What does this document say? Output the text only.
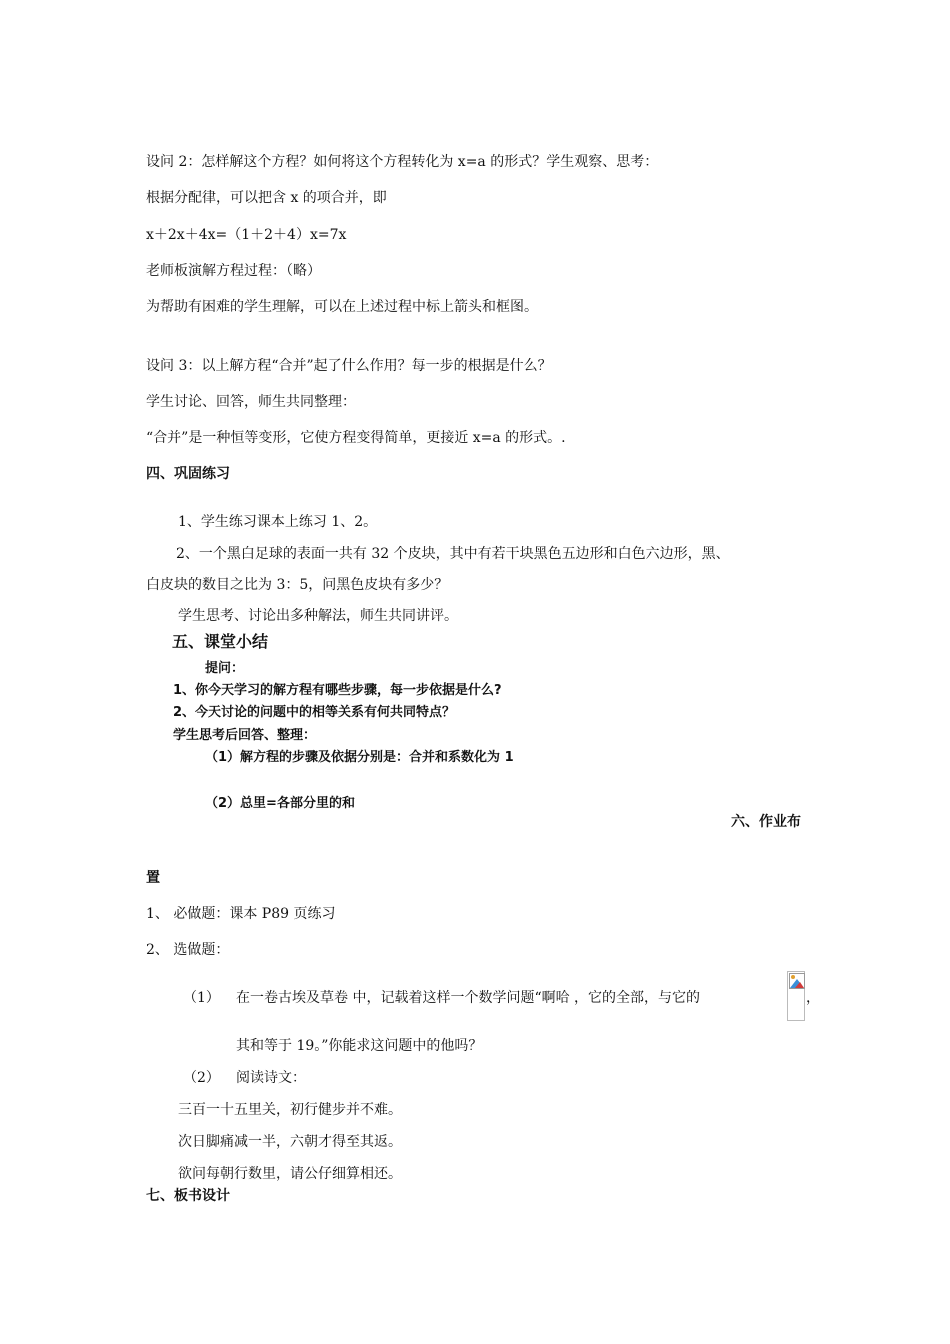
设问 2：怎样解这个方程？如何将这个方程转化为 x=a 的形式？学生观察、思考：
根据分配律，可以把含 x 的项合并，即
x＋2x＋4x=（1＋2＋4）x=7x
老师板演解方程过程：（略）
为帮助有困难的学生理解，可以在上述过程中标上箭头和框图。
设问 3：以上解方程“合并”起了什么作用？每一步的根据是什么？
学生讨论、回答，师生共同整理：
“合并”是一种恒等变形，它使方程变得简单，更接近 x=a 的形式。.
四、巩固练习
1、学生练习课本上练习 1、2。
2、一个黑白足球的表面一共有 32 个皮块，其中有若干块黑色五边形和白色六边形，黑、
白皮块的数目之比为 3：5，问黑色皮块有多少？
学生思考、讨论出多种解法，师生共同讲评。
五、课堂小结
提问：
1、你今天学习的解方程有哪些步骤，每一步依据是什么?
2、今天讨论的问题中的相等关系有何共同特点？
学生思考后回答、整理：
（1）解方程的步骤及依据分别是：合并和系数化为 1
（2）总里=各部分里的和
六、作业布
置
1、 必做题：课本 P89 页练习
2、 选做题：
（1） 在一卷古埃及草卷 中，记载着这样一个数学问题“啊哈 ，它的全部，与它的	，
其和等于 19。”你能求这问题中的他吗？
（2） 阅读诗文：
三百一十五里关，初行健步并不难。
次日脚痛减一半，六朝才得至其返。
欲问每朝行数里，请公仔细算相还。
七、板书设计
